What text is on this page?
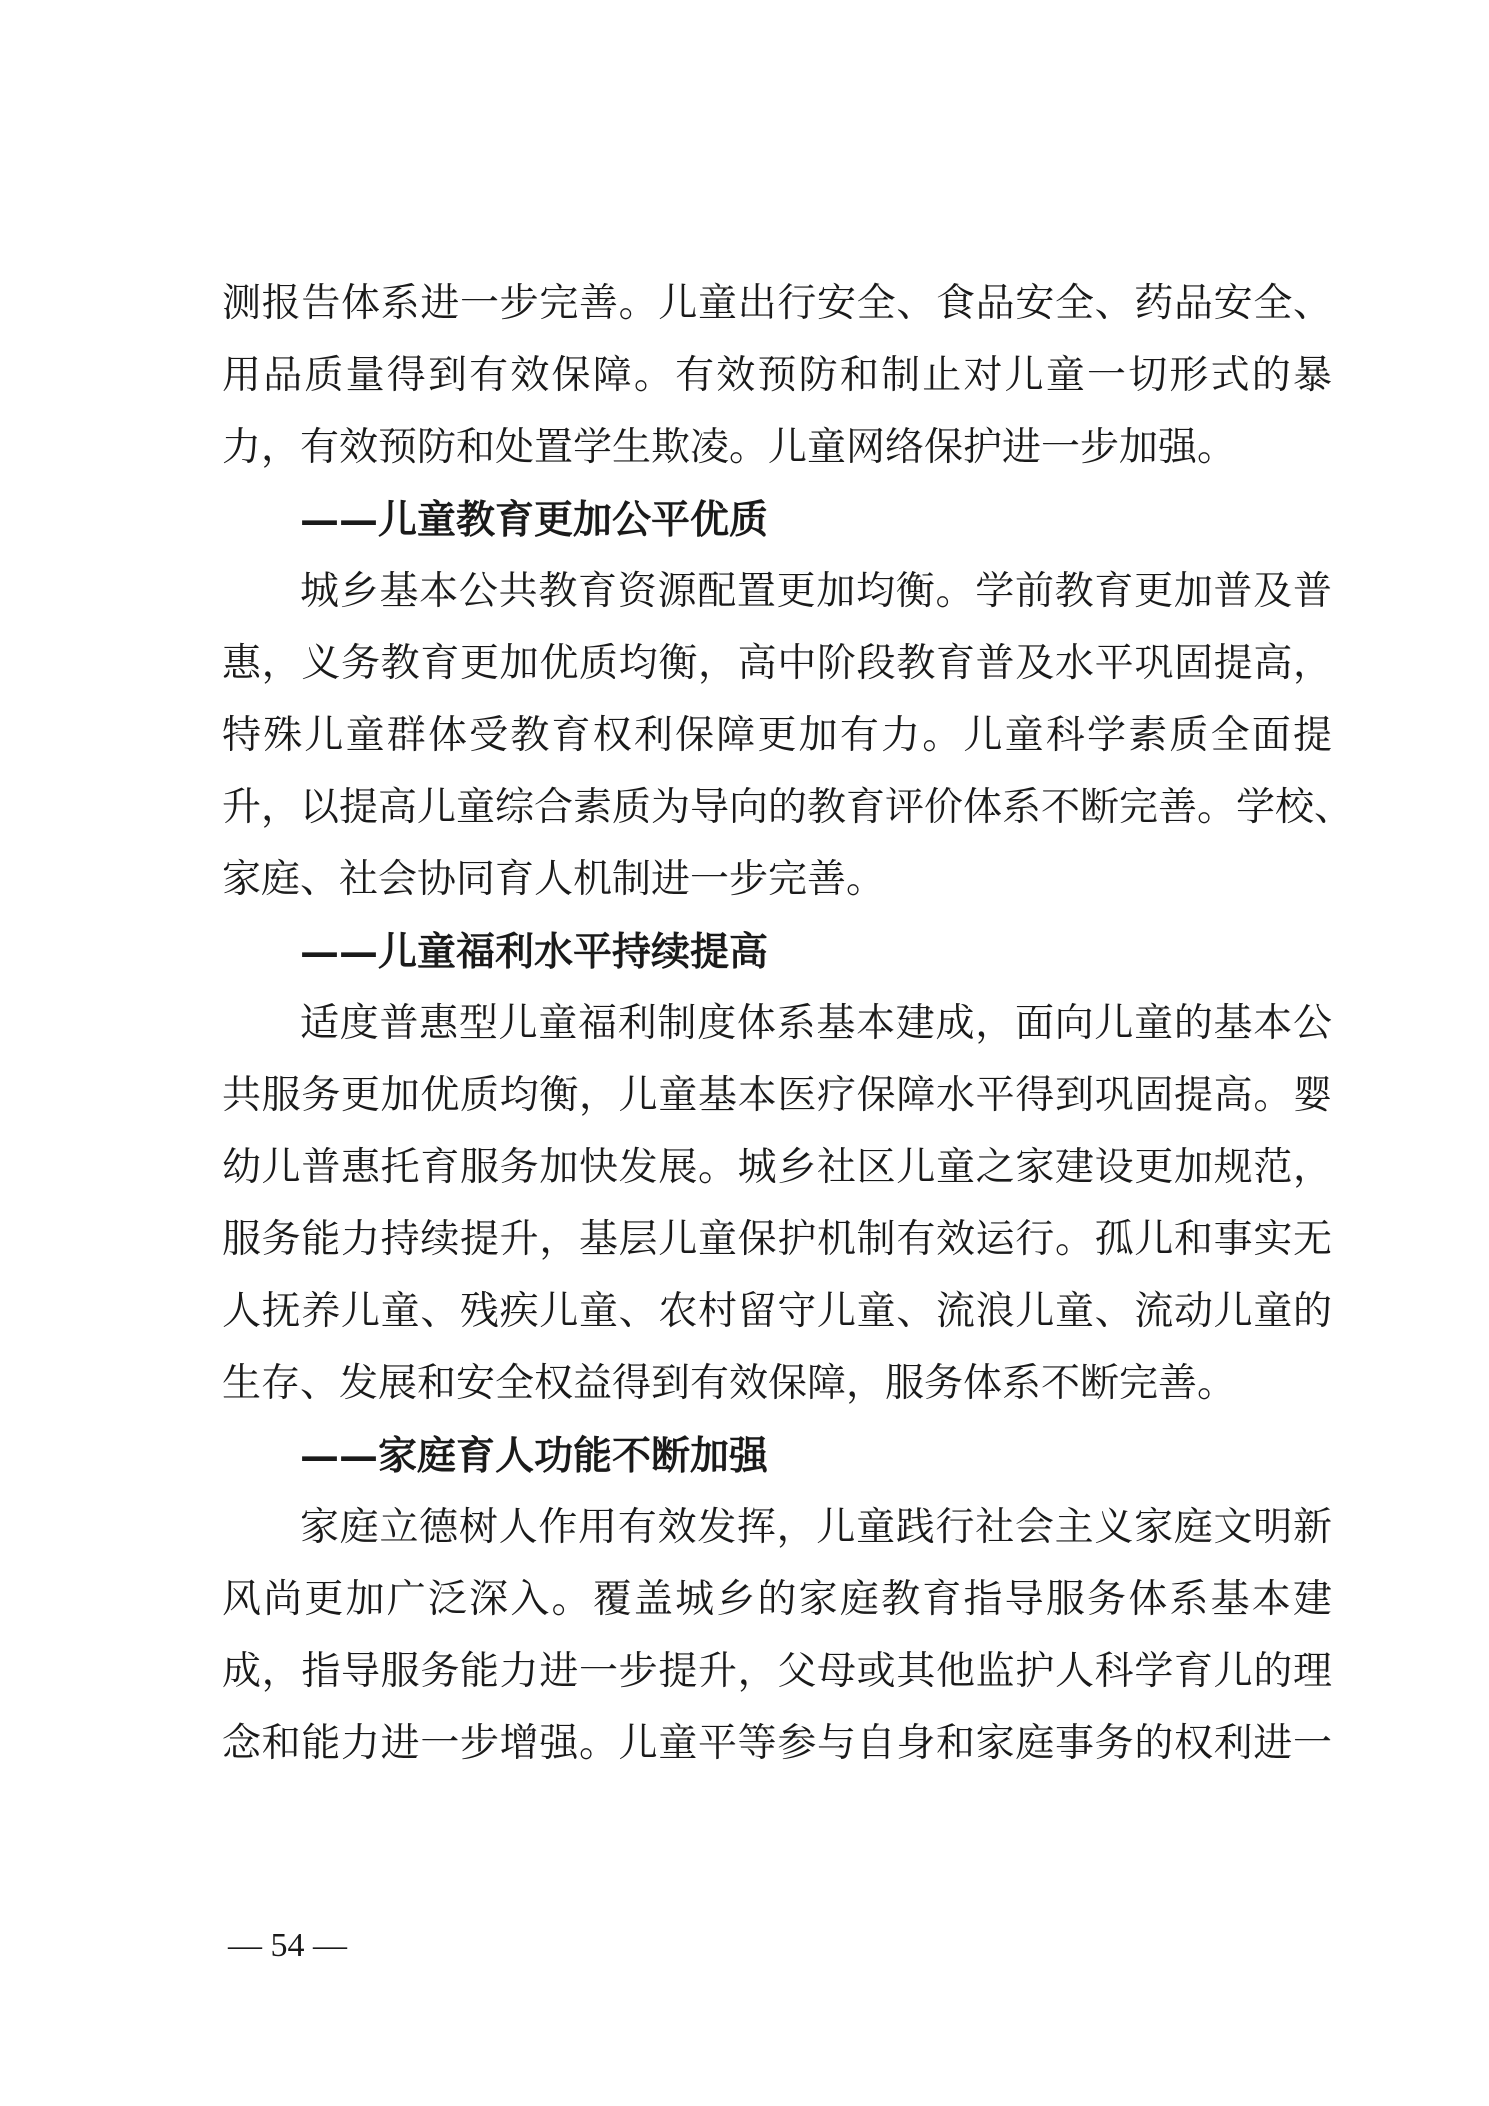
测报告体系进一步完善。儿童出行安全、食品安全、药品安全、
用品质量得到有效保障。有效预防和制止对儿童一切形式的暴
力，有效预防和处置学生欺凌。儿童网络保护进一步加强。
——儿童教育更加公平优质
城乡基本公共教育资源配置更加均衡。学前教育更加普及普
惠，义务教育更加优质均衡，高中阶段教育普及水平巩固提高，
特殊儿童群体受教育权利保障更加有力。儿童科学素质全面提
升，以提高儿童综合素质为导向的教育评价体系不断完善。学校、
家庭、社会协同育人机制进一步完善。
——儿童福利水平持续提高
适度普惠型儿童福利制度体系基本建成，面向儿童的基本公
共服务更加优质均衡，儿童基本医疗保障水平得到巩固提高。婴
幼儿普惠托育服务加快发展。城乡社区儿童之家建设更加规范，
服务能力持续提升，基层儿童保护机制有效运行。孤儿和事实无
人抚养儿童、残疾儿童、农村留守儿童、流浪儿童、流动儿童的
生存、发展和安全权益得到有效保障，服务体系不断完善。
——家庭育人功能不断加强
家庭立德树人作用有效发挥，儿童践行社会主义家庭文明新
风尚更加广泛深入。覆盖城乡的家庭教育指导服务体系基本建
成，指导服务能力进一步提升，父母或其他监护人科学育儿的理
念和能力进一步增强。儿童平等参与自身和家庭事务的权利进一
— 54 —
